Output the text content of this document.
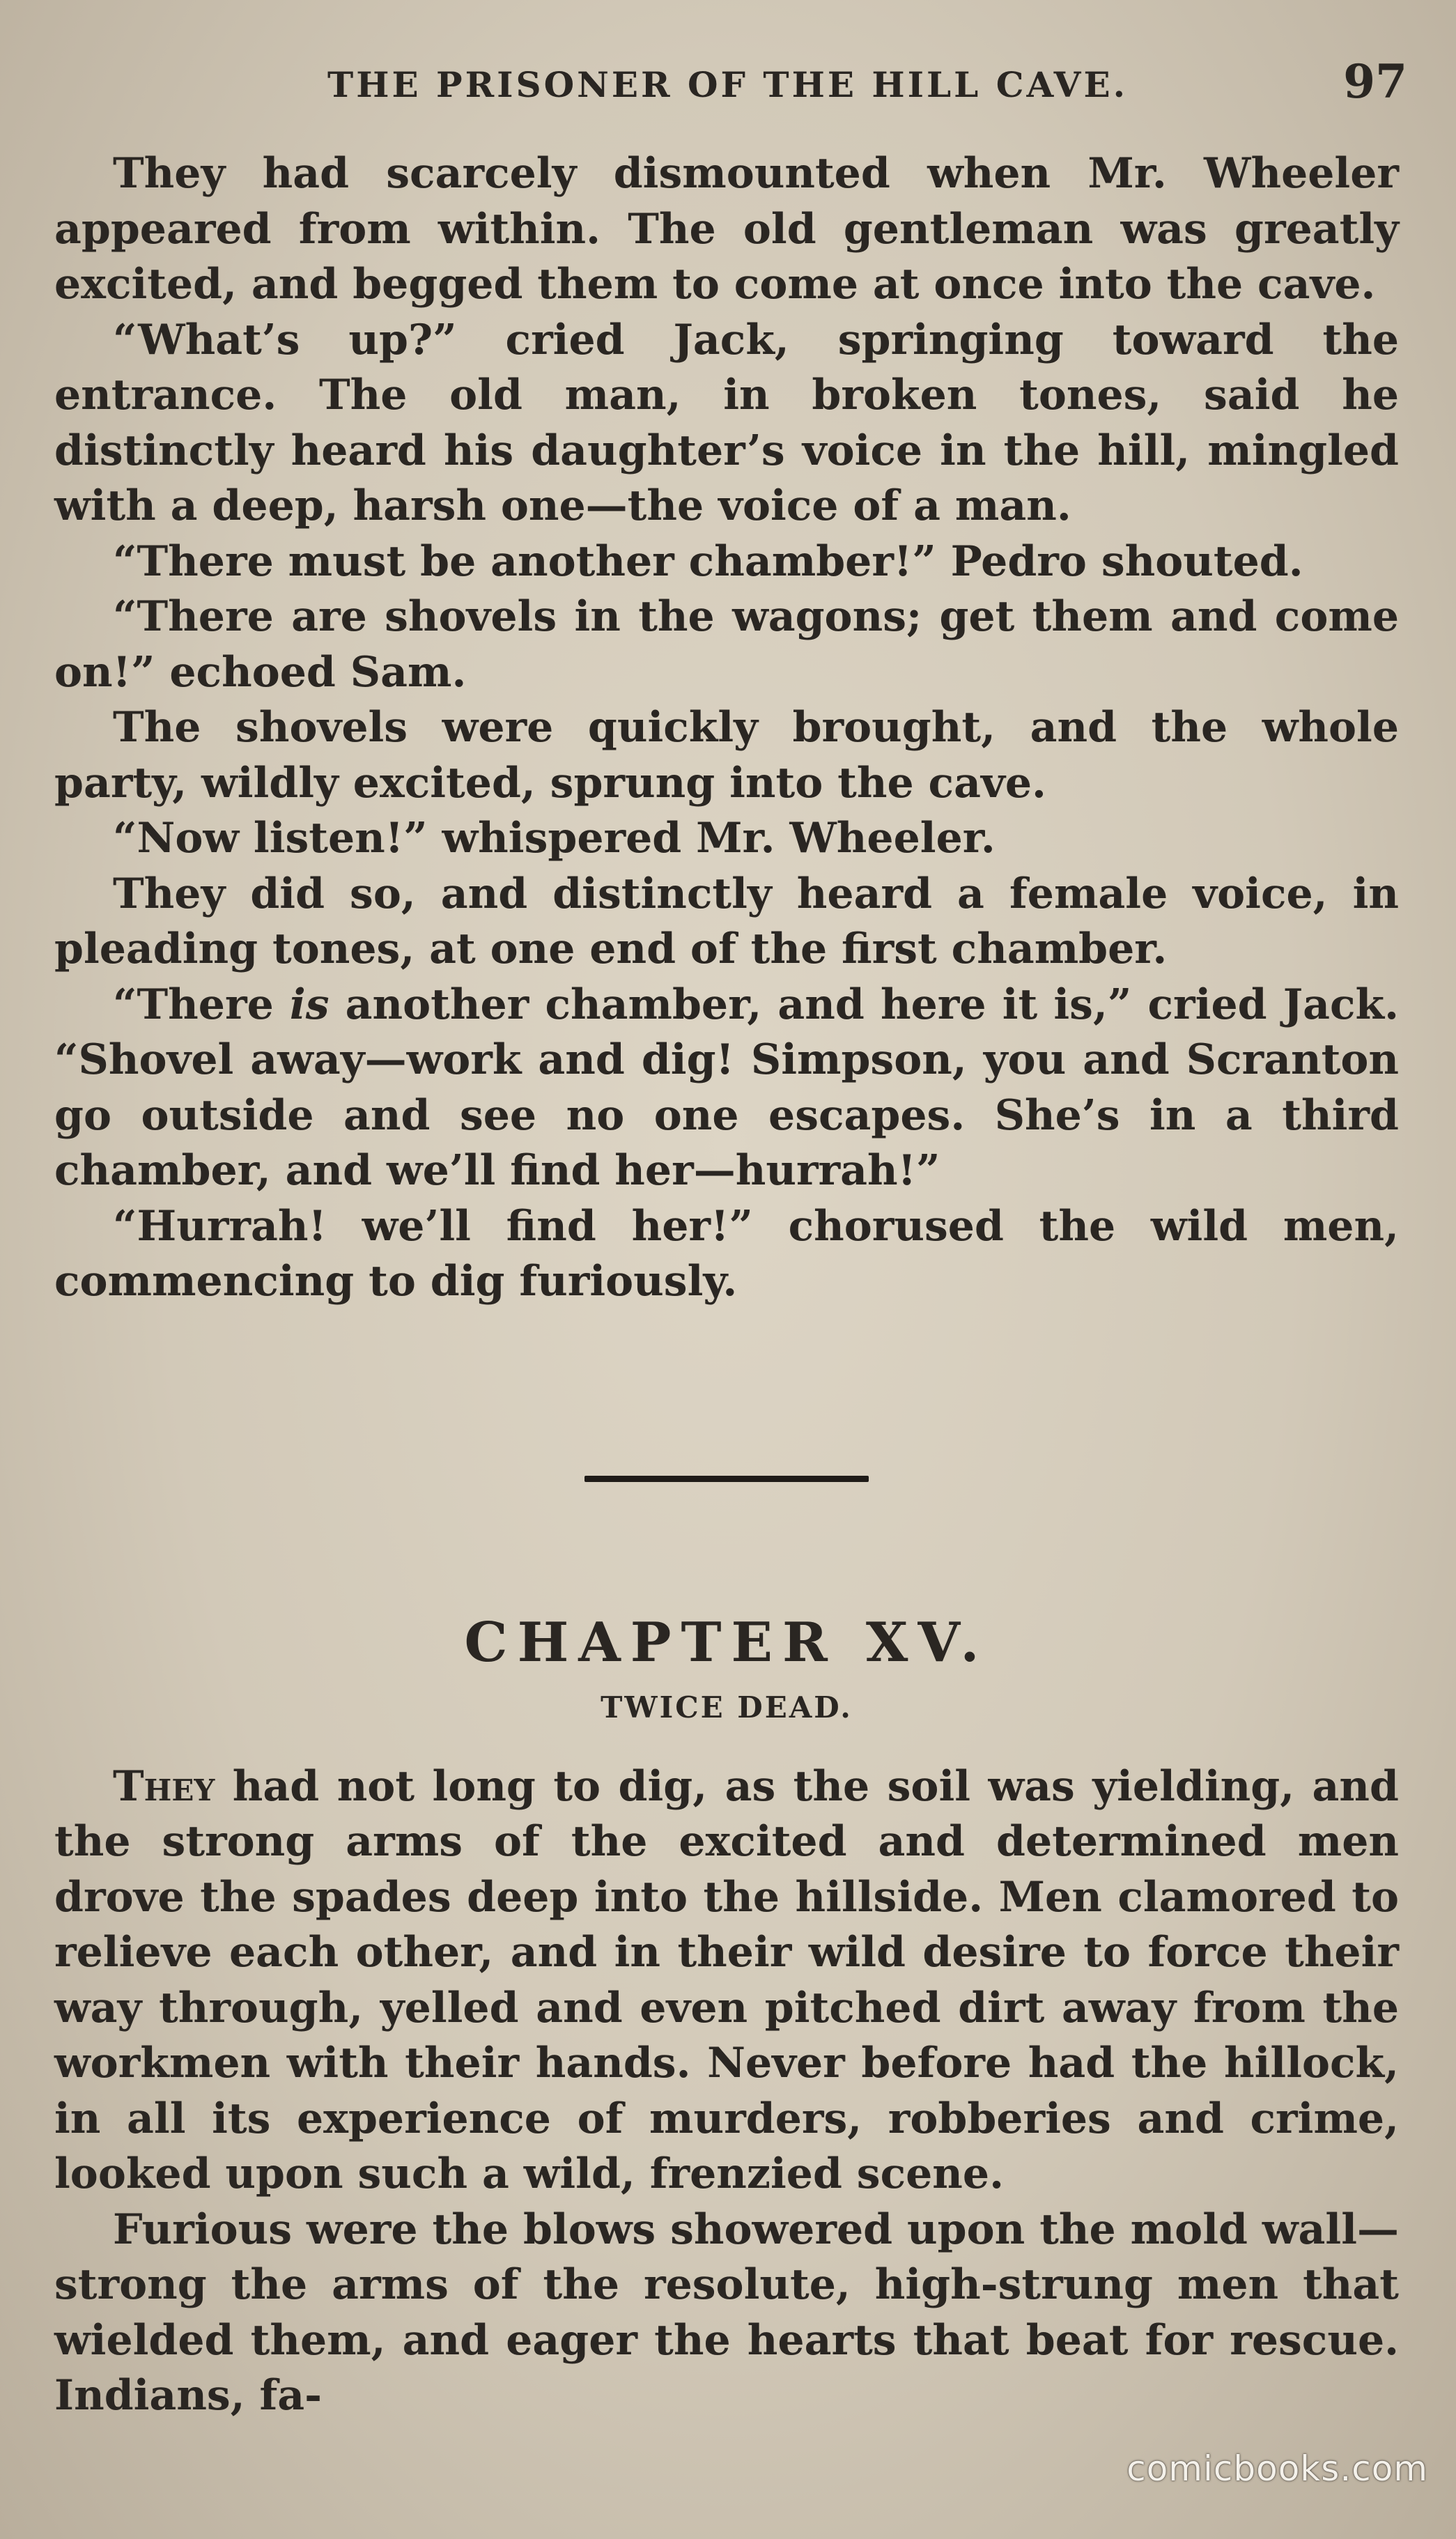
THE PRISONER OF THE HILL CAVE.	97

They had scarcely dismounted when Mr. Wheeler appeared from within. The old gentleman was greatly excited, and begged them to come at once into the cave.

“What’s up?” cried Jack, springing toward the entrance. The old man, in broken tones, said he distinctly heard his daughter’s voice in the hill, mingled with a deep, harsh one—the voice of a man.

“There must be another chamber!” Pedro shouted.

“There are shovels in the wagons; get them and come on!” echoed Sam.

The shovels were quickly brought, and the whole party, wildly excited, sprung into the cave.

“Now listen!” whispered Mr. Wheeler.

They did so, and distinctly heard a female voice, in pleading tones, at one end of the first chamber.

“There is another chamber, and here it is,” cried Jack. “Shovel away—work and dig! Simpson, you and Scranton go outside and see no one escapes. She’s in a third chamber, and we’ll find her—hurrah!”

“Hurrah! we’ll find her!” chorused the wild men, commencing to dig furiously.

CHAPTER XV.
TWICE DEAD.

They had not long to dig, as the soil was yielding, and the strong arms of the excited and determined men drove the spades deep into the hillside. Men clamored to relieve each other, and in their wild desire to force their way through, yelled and even pitched dirt away from the workmen with their hands. Never before had the hillock, in all its experience of murders, robberies and crime, looked upon such a wild, frenzied scene.

Furious were the blows showered upon the mold wall—strong the arms of the resolute, high-strung men that wielded them, and eager the hearts that beat for rescue. Indians, fa-

comicbooks.com
